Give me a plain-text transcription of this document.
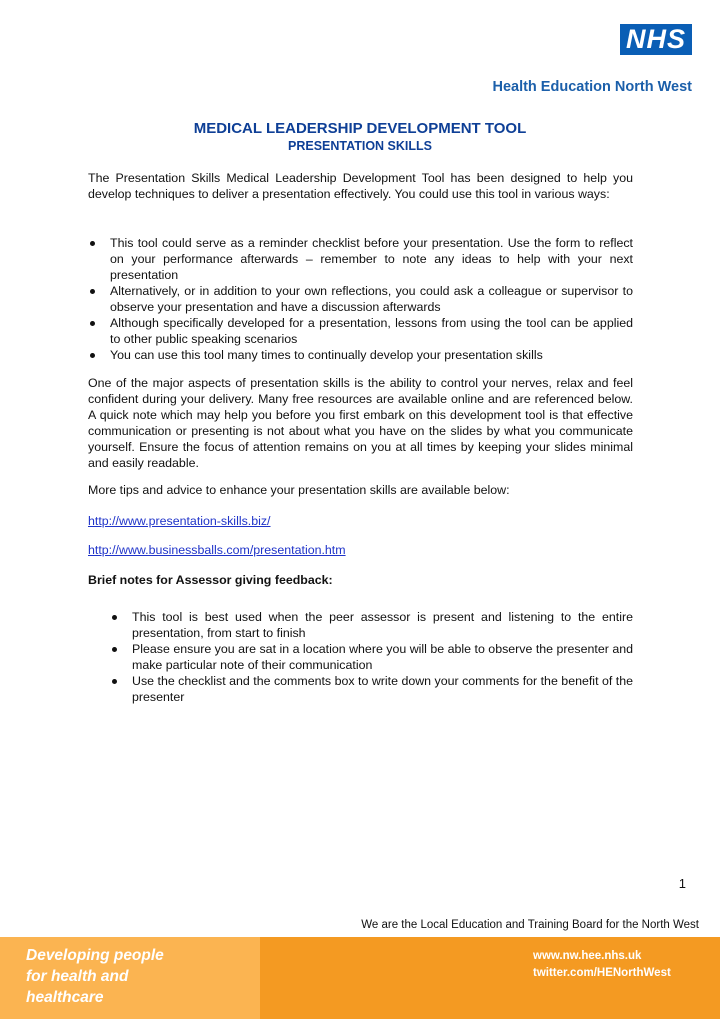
NHS
Health Education North West
MEDICAL LEADERSHIP DEVELOPMENT TOOL
PRESENTATION SKILLS

The Presentation Skills Medical Leadership Development Tool has been designed to help you develop techniques to deliver a presentation effectively. You could use this tool in various ways:

This tool could serve as a reminder checklist before your presentation. Use the form to reflect on your performance afterwards – remember to note any ideas to help with your next presentation
Alternatively, or in addition to your own reflections, you could ask a colleague or supervisor to observe your presentation and have a discussion afterwards
Although specifically developed for a presentation, lessons from using the tool can be applied to other public speaking scenarios
You can use this tool many times to continually develop your presentation skills

One of the major aspects of presentation skills is the ability to control your nerves, relax and feel confident during your delivery. Many free resources are available online and are referenced below. A quick note which may help you before you first embark on this development tool is that effective communication or presenting is not about what you have on the slides by what you communicate yourself. Ensure the focus of attention remains on you at all times by keeping your slides minimal and easily readable.

More tips and advice to enhance your presentation skills are available below:

http://www.presentation-skills.biz/

http://www.businessballs.com/presentation.htm

Brief notes for Assessor giving feedback:

This tool is best used when the peer assessor is present and listening to the entire presentation, from start to finish
Please ensure you are sat in a location where you will be able to observe the presenter and make particular note of their communication
Use the checklist and the comments box to write down your comments for the benefit of the presenter
1
We are the Local Education and Training Board for the North West
Developing people
for health and
healthcare
www.nw.hee.nhs.uk
twitter.com/HENorthWest
